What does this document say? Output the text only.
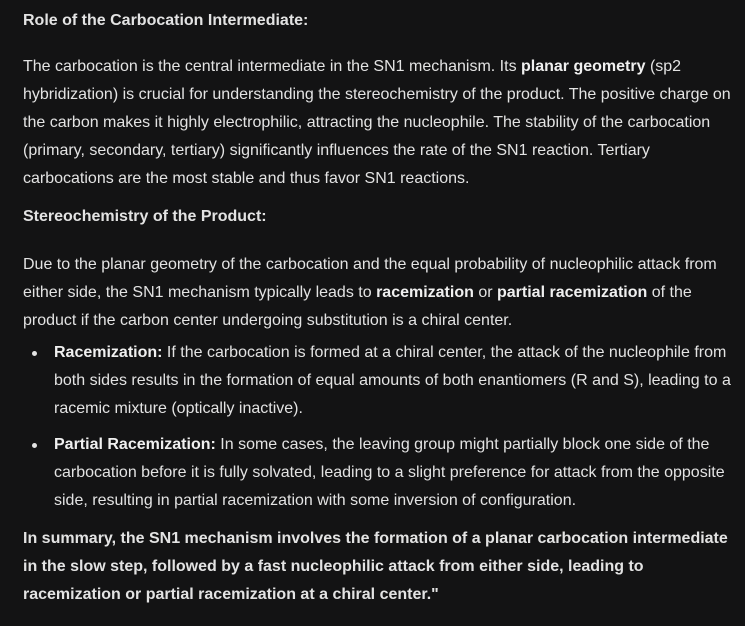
Role of the Carbocation Intermediate:

The carbocation is the central intermediate in the SN1 mechanism. Its planar geometry (sp2 hybridization) is crucial for understanding the stereochemistry of the product. The positive charge on the carbon makes it highly electrophilic, attracting the nucleophile. The stability of the carbocation (primary, secondary, tertiary) significantly influences the rate of the SN1 reaction. Tertiary carbocations are the most stable and thus favor SN1 reactions.

Stereochemistry of the Product:

Due to the planar geometry of the carbocation and the equal probability of nucleophilic attack from either side, the SN1 mechanism typically leads to racemization or partial racemization of the product if the carbon center undergoing substitution is a chiral center.

Racemization: If the carbocation is formed at a chiral center, the attack of the nucleophile from both sides results in the formation of equal amounts of both enantiomers (R and S), leading to a racemic mixture (optically inactive).
Partial Racemization: In some cases, the leaving group might partially block one side of the carbocation before it is fully solvated, leading to a slight preference for attack from the opposite side, resulting in partial racemization with some inversion of configuration.

In summary, the SN1 mechanism involves the formation of a planar carbocation intermediate in the slow step, followed by a fast nucleophilic attack from either side, leading to racemization or partial racemization at a chiral center."
